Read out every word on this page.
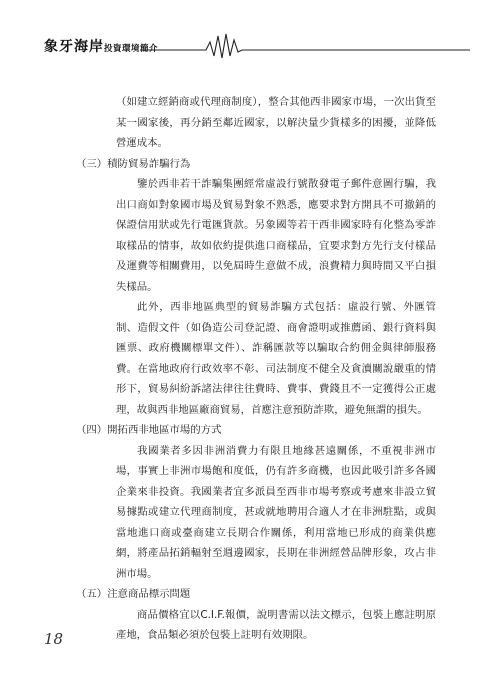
象牙海岸投資環境簡介

（如建立經銷商或代理商制度），整合其他西非國家市場，一次出貨至某一國家後，再分銷至鄰近國家，以解決量少貨樣多的困擾，並降低營運成本。

（三）積防貿易詐騙行為

鑒於西非若干詐騙集團經常虛設行號散發電子郵件意圖行騙，我出口商如對象國市場及貿易對象不熟悉，應要求對方開具不可撤銷的保證信用狀或先行電匯貨款。另象國等若干西非國家時有化整為零詐取樣品的情事，故如依約提供進口商樣品，宜要求對方先行支付樣品及運費等相關費用，以免屆時生意做不成，浪費精力與時間又平白損失樣品。

此外，西非地區典型的貿易詐騙方式包括：虛設行號、外匯管制、造假文件（如偽造公司登記證、商會證明或推薦函、銀行資料與匯票、政府機關標單文件）、詐稱匯款等以騙取合約佣金與律師服務費。在當地政府行政效率不彰、司法制度不健全及貪瀆關說嚴重的情形下，貿易糾紛訴諸法律往往費時、費事、費錢且不一定獲得公正處理，故與西非地區廠商貿易，首應注意預防詐欺，避免無謂的損失。

（四）開拓西非地區市場的方式

我國業者多因非洲消費力有限且地緣甚遠關係，不重視非洲市場，事實上非洲市場飽和度低，仍有許多商機，也因此吸引許多各國企業來非投資。我國業者宜多派員至西非市場考察或考慮來非設立貿易據點或建立代理商制度，甚或就地聘用合適人才在非洲駐點，或與當地進口商或臺商建立長期合作關係，利用當地已形成的商業供應網，將產品拓銷輻射至週邊國家，長期在非洲經營品牌形象，攻占非洲市場。

（五）注意商品標示問題

商品價格宜以C.I.F.報價，說明書需以法文標示，包裝上應註明原產地，食品類必須於包裝上註明有效期限。

18
